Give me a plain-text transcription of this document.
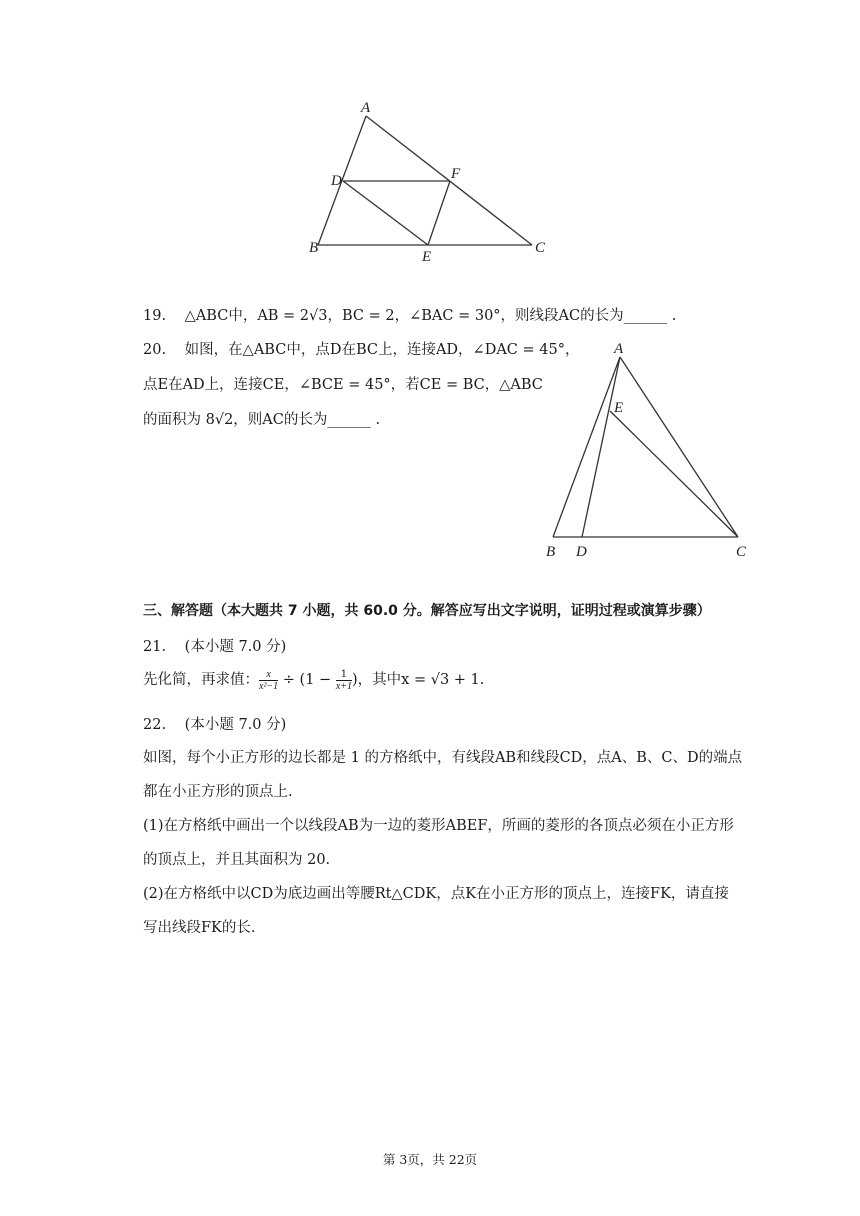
A
B	C
D
E
F
19. △ABC中，AB = 2√3，BC = 2，∠BAC = 30°，则线段AC的长为______ .
20. 如图，在△ABC中，点D在BC上，连接AD，∠DAC = 45°，
点E在AD上，连接CE，∠BCE = 45°，若CE = BC，△ABC
的面积为 8√2，则AC的长为______ .
A
E
B D	C
三、解答题（本大题共 7 小题，共 60.0 分。解答应写出文字说明，证明过程或演算步骤）
21. (本小题 7.0 分)
先化简，再求值： $\frac{x}{\text{x²−1}} \div (1 - \frac{1}{x+1}$ )，其中x = √3 + 1.
22. (本小题 7.0 分)
如图，每个小正方形的边长都是 1 的方格纸中，有线段AB和线段CD，点A、B、C、D的端点
都在小正方形的顶点上.
(1)在方格纸中画出一个以线段AB为一边的菱形ABEF，所画的菱形的各顶点必须在小正方形
的顶点上，并且其面积为 20.
(2)在方格纸中以CD为底边画出等腰Rt△CDK，点K在小正方形的顶点上，连接FK，请直接
写出线段FK的长.
第 3页，共 22页
